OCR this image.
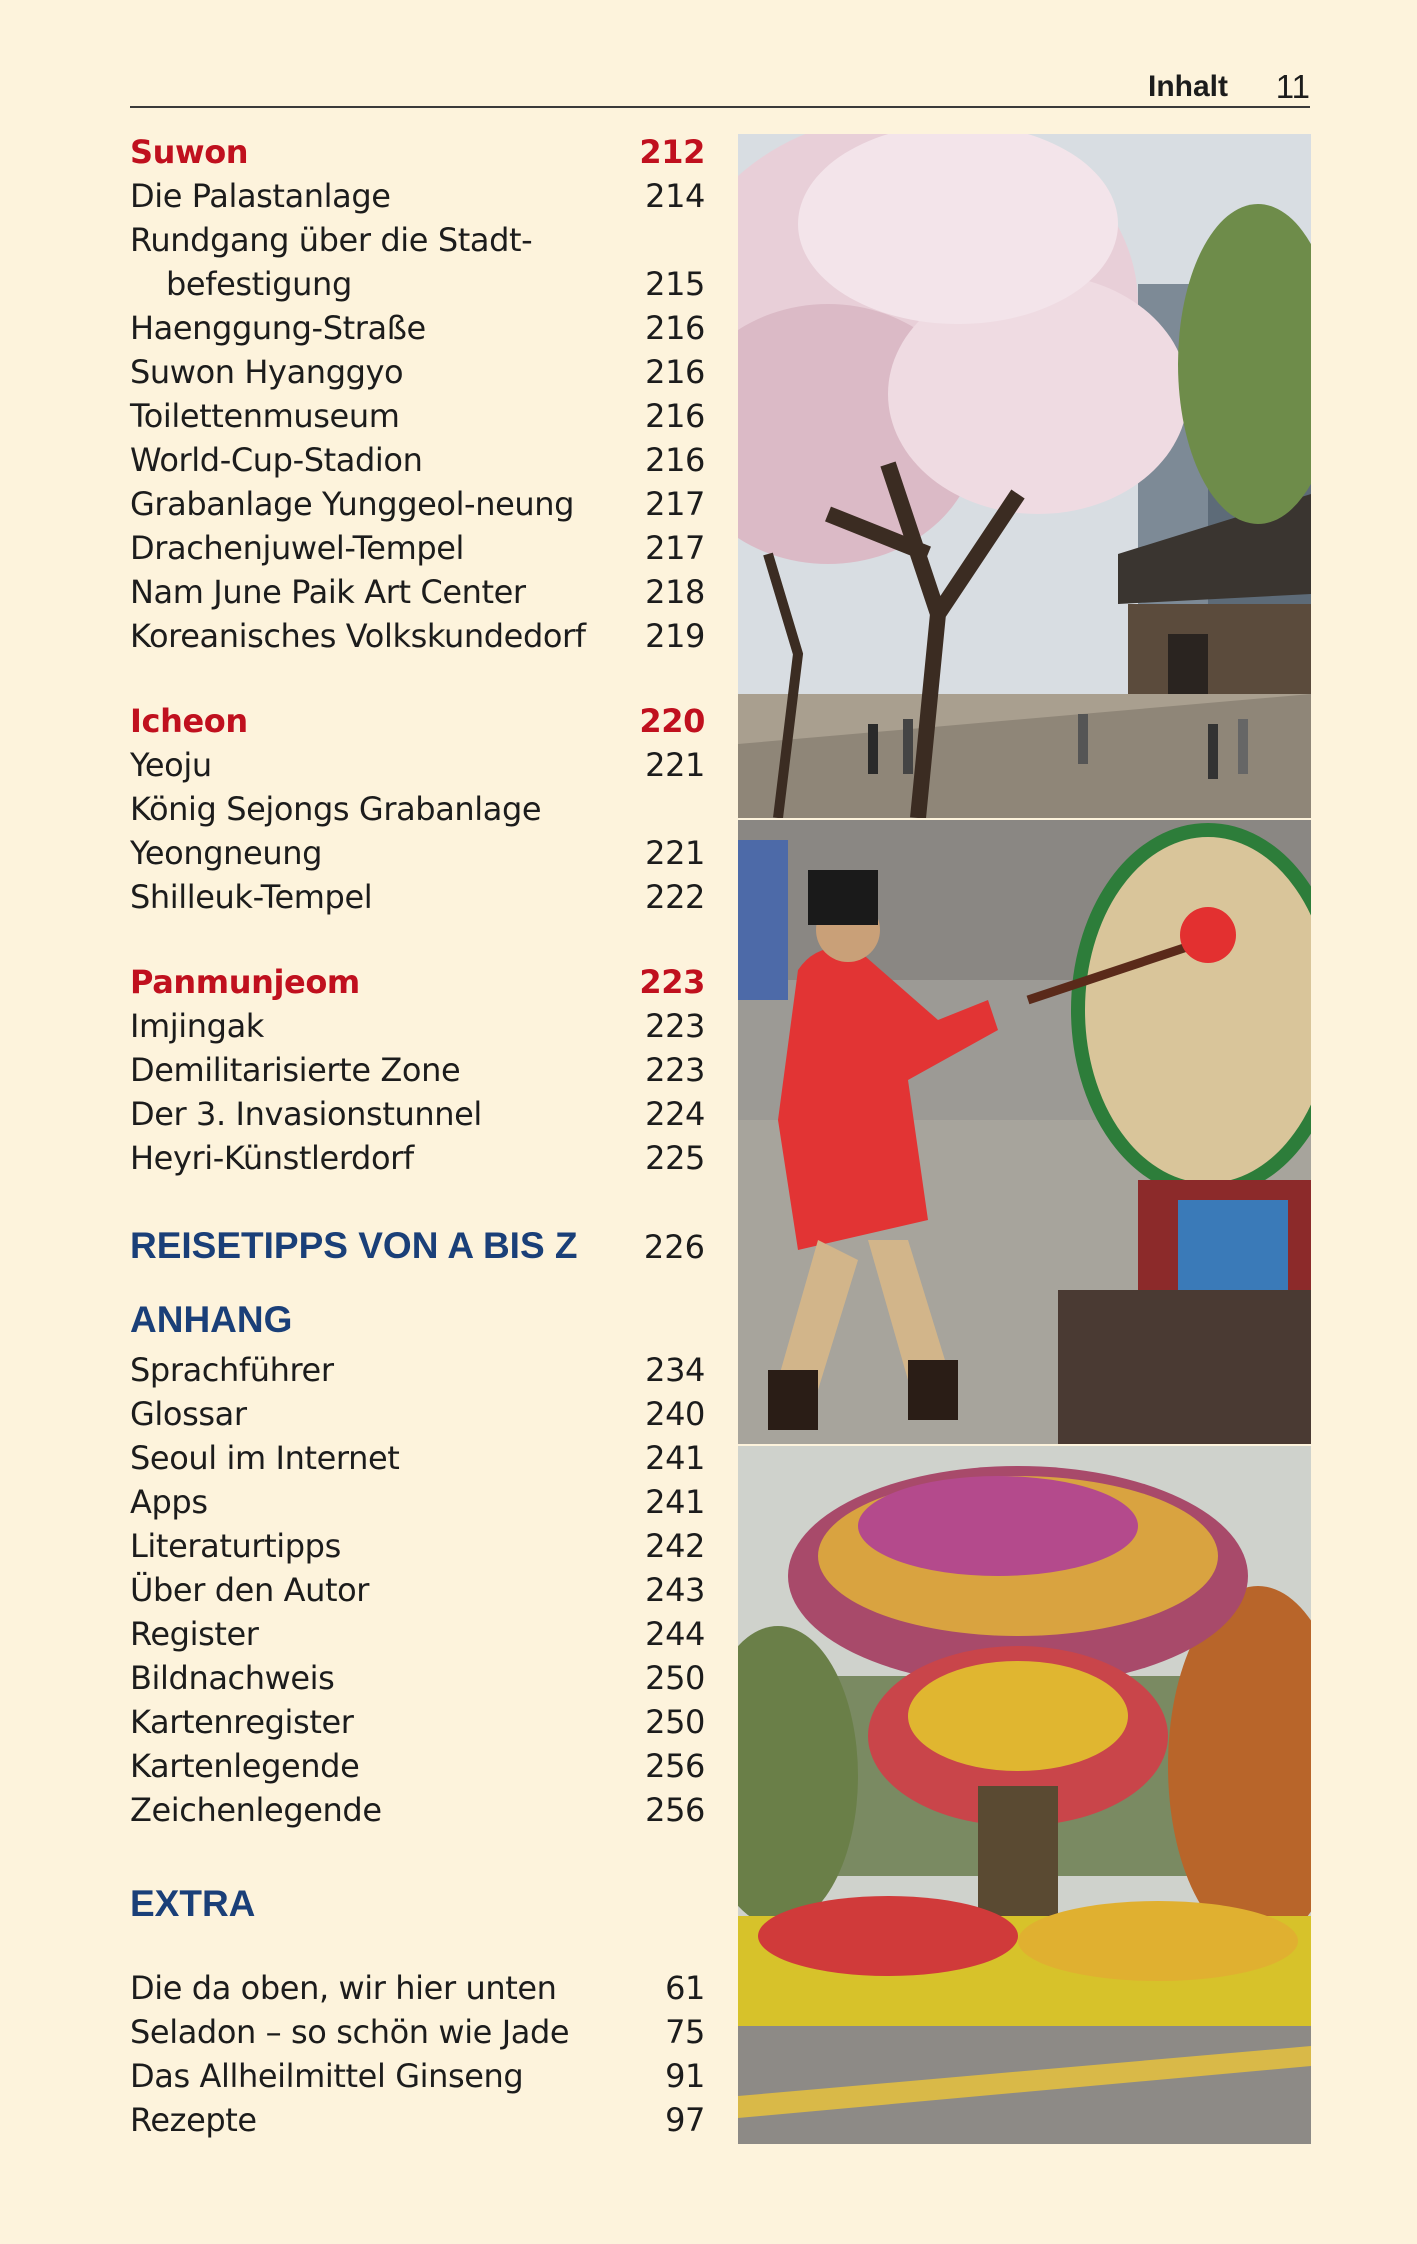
Inhalt 11
Suwon	212
Die Palastanlage	214
Rundgang über die Stadt-
befestigung	215
Haenggung-Straße	216
Suwon Hyanggyo	216
Toilettenmuseum	216
World-Cup-Stadion	216
Grabanlage Yunggeol-neung	217
Drachenjuwel-Tempel	217
Nam June Paik Art Center	218
Koreanisches Volkskundedorf	219
Icheon	220
Yeoju	221
König Sejongs Grabanlage
Yeongneung	221
Shilleuk-Tempel	222
Panmunjeom	223
Imjingak	223
Demilitarisierte Zone	223
Der 3. Invasionstunnel	224
Heyri-Künstlerdorf	225
REISETIPPS VON A BIS Z	226
ANHANG
Sprachführer	234
Glossar	240
Seoul im Internet	241
Apps	241
Literaturtipps	242
Über den Autor	243
Register	244
Bildnachweis	250
Kartenregister	250
Kartenlegende	256
Zeichenlegende	256
EXTRA
Die da oben, wir hier unten	61
Seladon – so schön wie Jade	75
Das Allheilmittel Ginseng	91
Rezepte	97
